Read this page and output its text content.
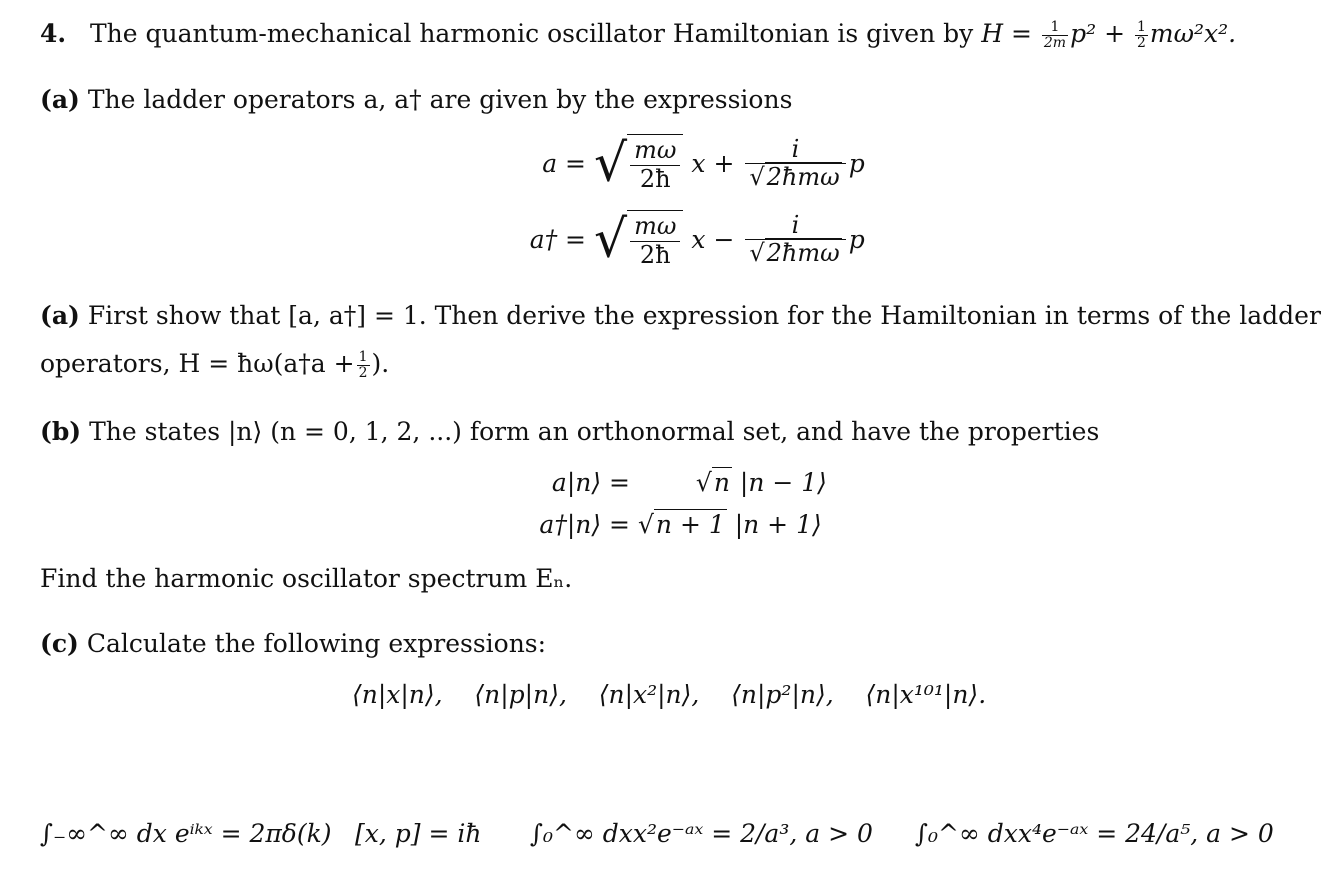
4. The quantum-mechanical harmonic oscillator Hamiltonian is given by $H = \frac{1}{2m} p^2 + \frac{1}{2} m\omega^2x^2$.
(a) The ladder operators a, a† are given by the expressions
a = √ $\frac{m\omega}{2ħ}$ $x + \frac{i}{\text{√2ħmω}}$ p
a† = √ $\frac{m\omega}{2ħ}$ $x - \frac{i}{\text{√2ħmω}}$ p
(a) First show that [a, a†] = 1. Then derive the expression for the Hamiltonian in terms of the ladder
operators, H = ħω(a†a + $\frac{1}{2}$ ).
(b) The states |n⟩ (n = 0, 1, 2, ...) form an orthonormal set, and have the properties
a|n⟩ =	√n |n − 1⟩
a†|n⟩ = √n + 1 |n + 1⟩
Find the harmonic oscillator spectrum Eₙ.
(c) Calculate the following expressions:
⟨n|x|n⟩, ⟨n|p|n⟩, ⟨n|x²|n⟩, ⟨n|p²|n⟩, ⟨n|x¹⁰¹|n⟩.
∫₋∞^∞ dx eⁱᵏˣ = 2πδ(k) [x, p] = iħ ∫₀^∞ dxx²e⁻ᵃˣ = 2/a³, a > 0 ∫₀^∞ dxx⁴e⁻ᵃˣ = 24/a⁵, a > 0
